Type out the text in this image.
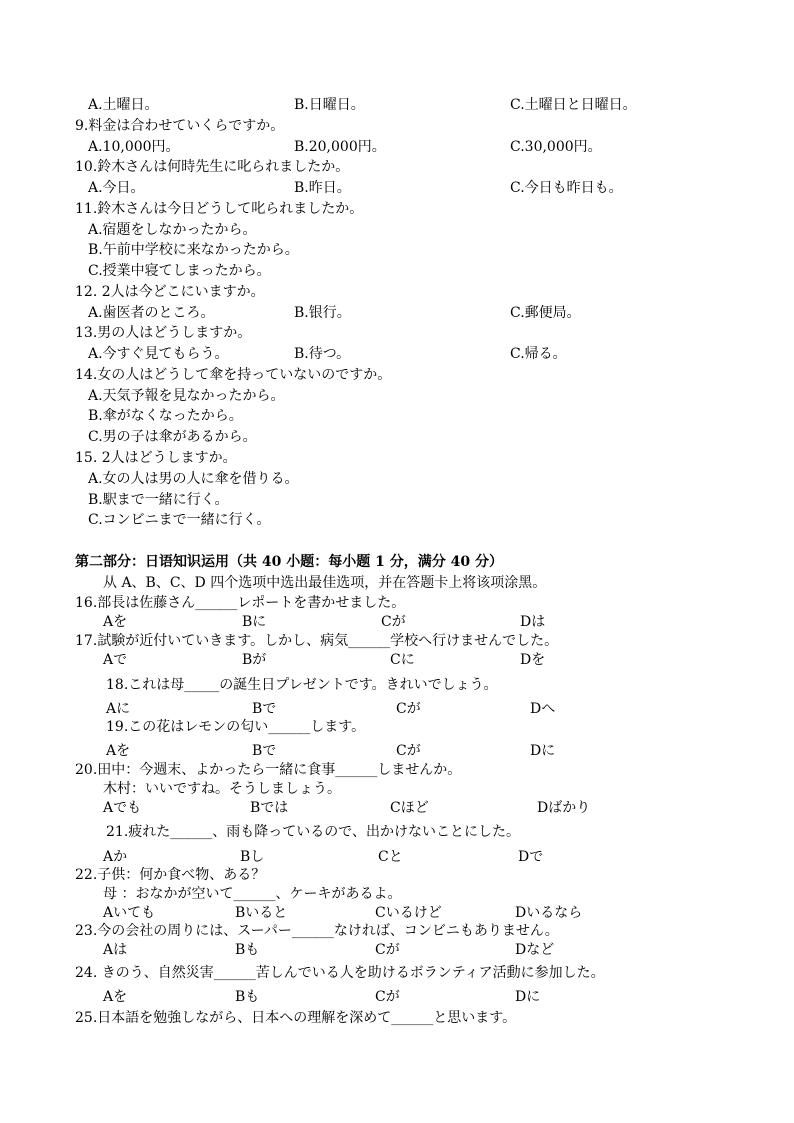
A.土曜日。	B.日曜日。	C.土曜日と日曜日。
9.料金は合わせていくらですか。
A.10,000円。	B.20,000円。	C.30,000円。
10.鈴木さんは何時先生に叱られましたか。
A.今日。	B.昨日。	C.今日も昨日も。
11.鈴木さんは今日どうして叱られましたか。
A.宿題をしなかったから。
B.午前中学校に来なかったから。
C.授業中寝てしまったから。
12. 2人は今どこにいますか。
A.歯医者のところ。	B.银行。	C.郵便局。
13.男の人はどうしますか。
A.今すぐ見てもらう。	B.待つ。	C.帰る。
14.女の人はどうして傘を持っていないのですか。
A.天気予報を見なかったから。
B.傘がなくなったから。
C.男の子は傘があるから。
15. 2人はどうしますか。
A.女の人は男の人に傘を借りる。
B.駅まで一緒に行く。
C.コンビニまで一緒に行く。
第二部分：日语知识运用（共 40 小题：每小题 1 分，满分 40 分）
从 A、B、C、D 四个选项中选出最佳选项，并在答题卡上将该项涂黑。
16.部長は佐藤さん______レポートを書かせました。
Aを	Bに	Cが	Dは
17.試験が近付いていきます。しかし、病気______学校へ行けませんでした。
Aで	Bが	Cに	Dを
18.これは母_____の誕生日プレゼントです。きれいでしょう。
Aに	Bで	Cが	Dへ
19.この花はレモンの匂い______します。
Aを	Bで	Cが	Dに
20.田中：今週末、よかったら一緒に食事______しませんか。
木村：いいですね。そうしましょう。
Aでも	Bでは	Cほど	Dばかり
21.疲れた______、雨も降っているので、出かけないことにした。
Aか	Bし	Cと	Dで
22.子供：何か食べ物、ある？
母 ：おなかが空いて______、ケーキがあるよ。
Aいても	Bいると	Cいるけど	Dいるなら
23.今の会社の周りには、スーパー______なければ、コンビニもありません。
Aは	Bも	Cが	Dなど
24. きのう、自然災害______苦しんでいる人を助けるボランティア活動に参加した。
Aを	Bも	Cが	Dに
25.日本語を勉強しながら、日本への理解を深めて______と思います。
